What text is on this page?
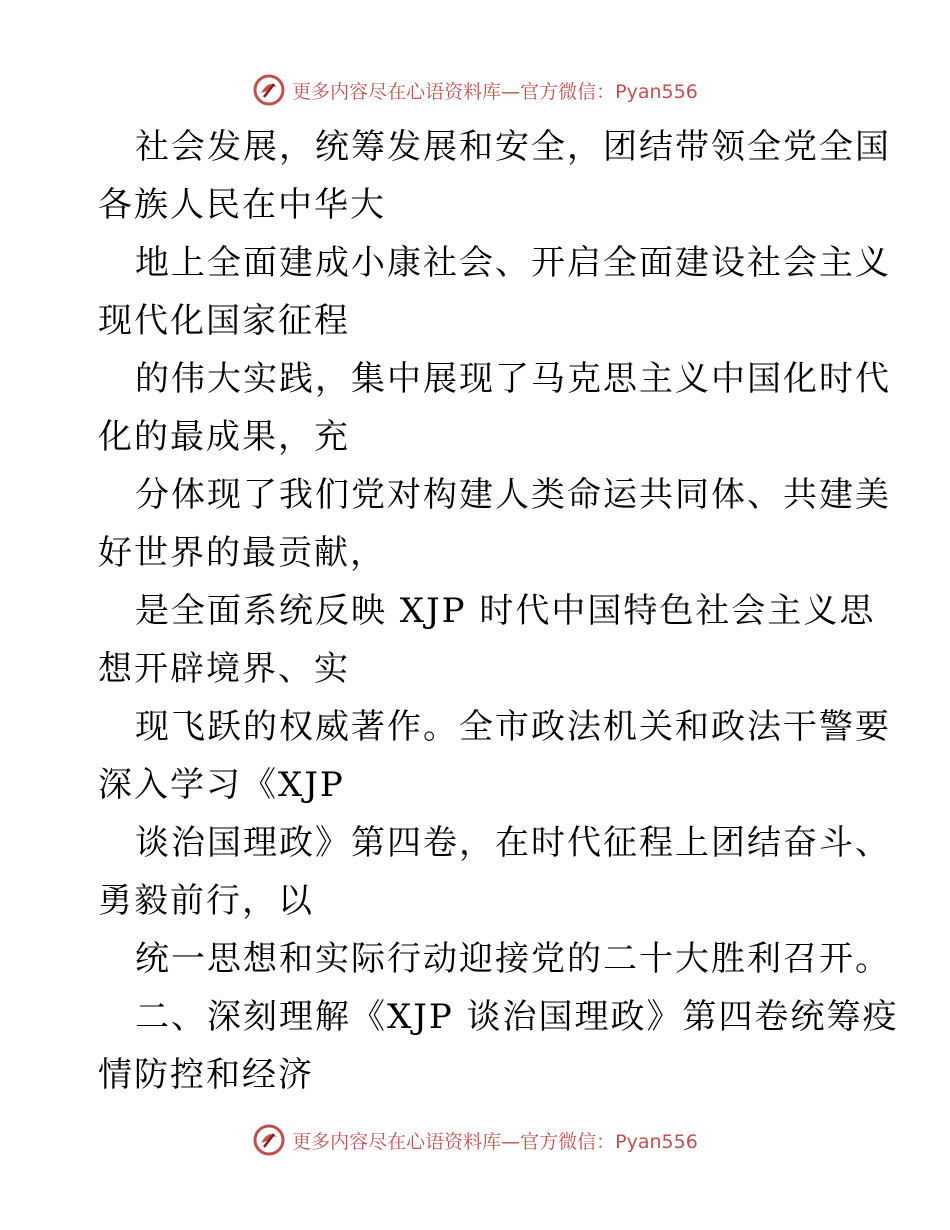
更多内容尽在心语资料库—官方微信：Pyan556
社会发展，统筹发展和安全，团结带领全党全国
各族人民在中华大
地上全面建成小康社会、开启全面建设社会主义
现代化国家征程
的伟大实践，集中展现了马克思主义中国化时代
化的最成果，充
分体现了我们党对构建人类命运共同体、共建美
好世界的最贡献，
是全面系统反映 XJP 时代中国特色社会主义思
想开辟境界、实
现飞跃的权威著作。全市政法机关和政法干警要
深入学习《XJP
谈治国理政》第四卷，在时代征程上团结奋斗、
勇毅前行，以
统一思想和实际行动迎接党的二十大胜利召开。
二、深刻理解《XJP 谈治国理政》第四卷统筹疫
情防控和经济
更多内容尽在心语资料库—官方微信：Pyan556
